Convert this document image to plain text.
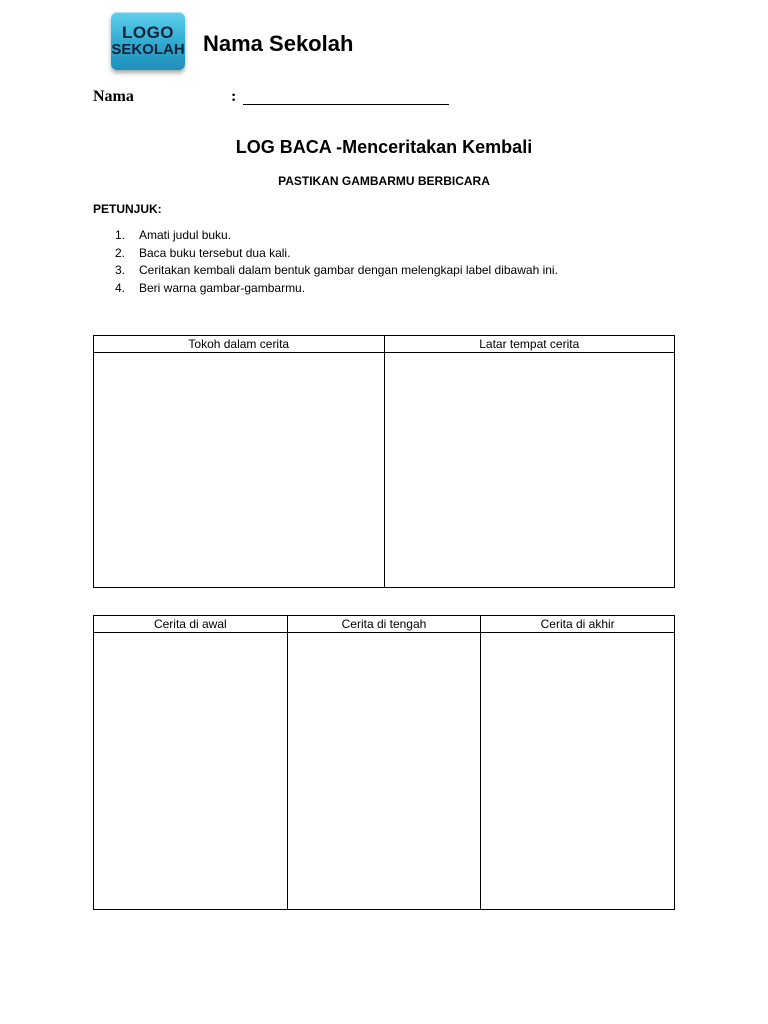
LOGO
SEKOLAH Nama Sekolah
Nama	:
LOG BACA -Menceritakan Kembali
PASTIKAN GAMBARMU BERBICARA
PETUNJUK:
1. Amati judul buku.
2. Baca buku tersebut dua kali.
3. Ceritakan kembali dalam bentuk gambar dengan melengkapi label dibawah ini.
4. Beri warna gambar-gambarmu.
Tokoh dalam cerita	Latar tempat cerita

Cerita di awal	Cerita di tengah	Cerita di akhir
